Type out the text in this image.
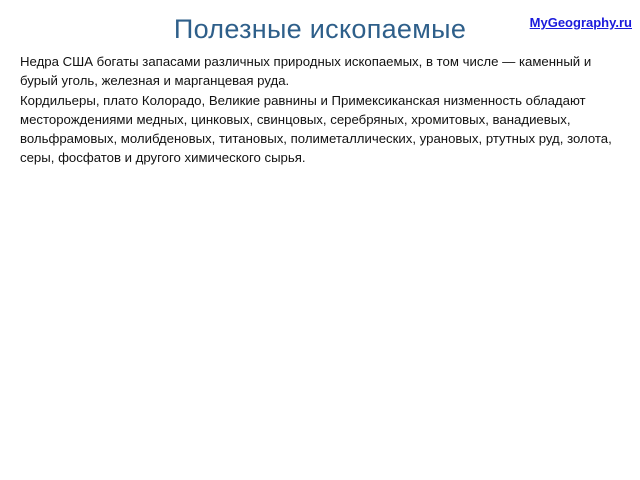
Полезные ископаемые	MyGeography.ru

Недра США богаты запасами различных природных ископаемых, в том числе — каменный и бурый уголь, железная и марганцевая руда.

Кордильеры, плато Колорадо, Великие равнины и Примексиканская низменность обладают месторождениями медных, цинковых, свинцовых, серебряных, хромитовых, ванадиевых, вольфрамовых, молибденовых, титановых, полиметаллических, урановых, ртутных руд, золота, серы, фосфатов и другого химического сырья.
